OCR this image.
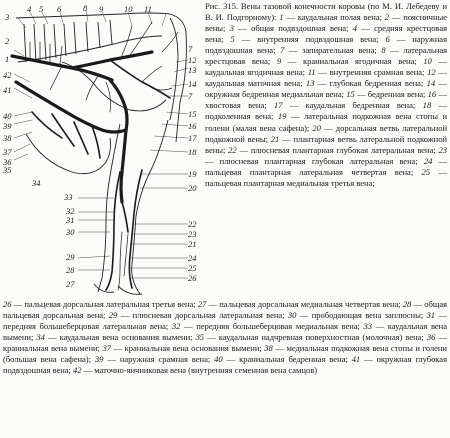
3
4 5 6	8 9 10 11
2
1
42
41
40
39
38
37
36
35
34
33
7
12
13
14
7
15
16
17
18
19
20
22
23
21
24
25
26
32
31
30
29
28
27
Рис. 315. Вены тазовой конечности коровы (по М. И. Лебедеву и В. И. Подгорному): 1 — каудальная полая вена; 2 — поясничные вены; 3 — общая подвздошная вена; 4 — средняя крестцовая вена; 5 — внутренняя подвздошная вена; 6 — наружная подвздошная вена; 7 — запирательная вена; 8 — латеральная крестцовая вена; 9 — краниальная ягодичная вена; 10 — каудальная ягодичная вена; 11 — внутренняя срамная вена; 12 — каудальная маточная вена; 13 — глубокая бедренная вена; 14 — окружная бедренная медиальная вена; 15 — бедренная вена; 16 — хвостовая вена; 17 — каудальная бедренная вена; 18 — подколенная вена; 19 — латеральная подкожная вена стопы и голени (малая вена сафена); 20 — дорсальная ветвь латеральной подкожной вены; 21 — плантарная ветвь латеральной подкожной вены; 22 — плюсневая плантарная глубокая латеральная вена; 23 — плюсневая плантарная глубокая латеральная вена; 24 — пальцевая плантарная латеральная четвертая вена; 25 — пальцевая плантарная медиальная третья вена;
26 — пальцевая дорсальная латеральная третья вена; 27 — пальцевая дорсальная медиальная четвертая вена; 28 — общая пальцевая дорсальная вена; 29 — плюсневая дорсальная латеральная вена; 30 — прободающая вена заплюсны; 31 — передняя большеберцовая латеральная вена; 32 — передняя большеберцовая медиальная вена; 33 — каудальная вена вымени; 34 — каудальная вена основания вымени; 35 — каудальная надчревная поверхностная (молочная) вена; 36 — краниальная вена вымени; 37 — краниальная вена основания вымени; 38 — медиальная подкожная вена стопы и голени (большая вена сафена); 39 — наружная срамная вена; 40 — краниальная бедренная вена; 41 — окружная глубокая подвздошная вена; 42 — маточно-яичниковая вена (внутренняя семенная вена самцов)
